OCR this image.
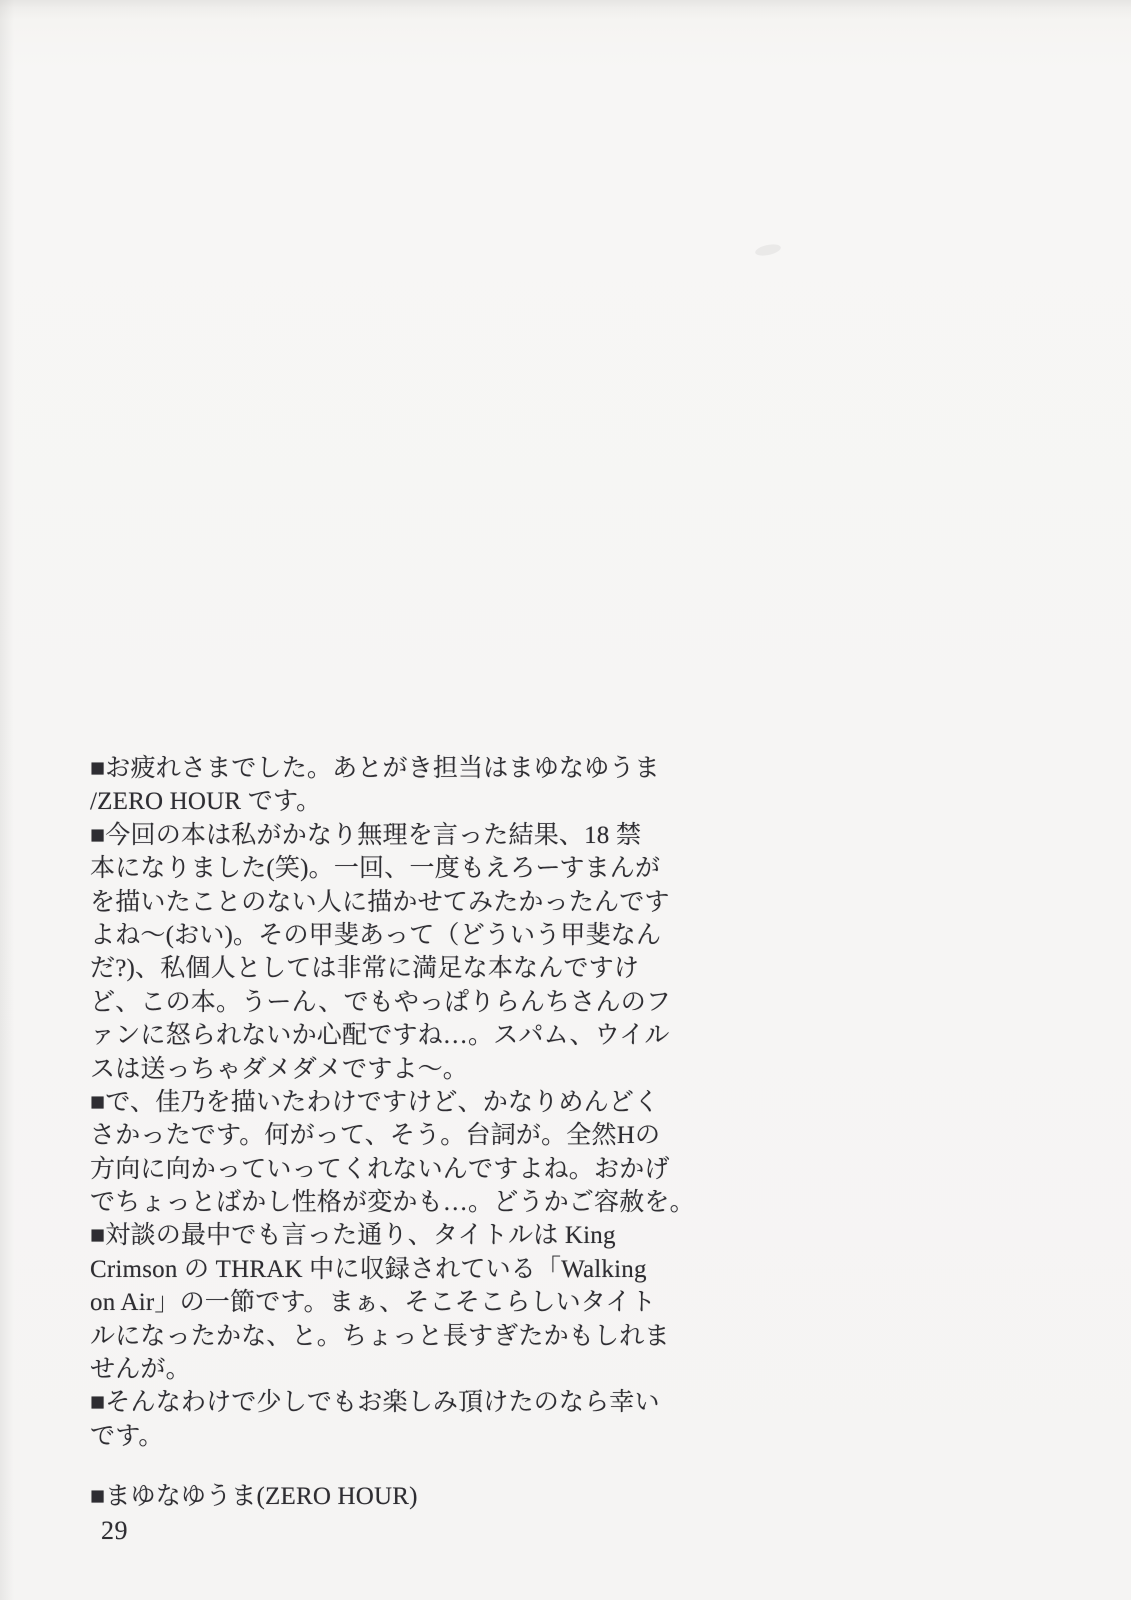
■お疲れさまでした。あとがき担当はまゆなゆうま
/ZERO HOUR です。
■今回の本は私がかなり無理を言った結果、18 禁
本になりました(笑)。一回、一度もえろーすまんが
を描いたことのない人に描かせてみたかったんです
よね〜(おい)。その甲斐あって（どういう甲斐なん
だ?)、私個人としては非常に満足な本なんですけ
ど、この本。うーん、でもやっぱりらんちさんのフ
ァンに怒られないか心配ですね…。スパム、ウイル
スは送っちゃダメダメですよ〜。
■で、佳乃を描いたわけですけど、かなりめんどく
さかったです。何がって、そう。台詞が。全然Hの
方向に向かっていってくれないんですよね。おかげ
でちょっとばかし性格が変かも…。どうかご容赦を。
■対談の最中でも言った通り、タイトルは King
Crimson の THRAK 中に収録されている「Walking
on Air」の一節です。まぁ、そこそこらしいタイト
ルになったかな、と。ちょっと長すぎたかもしれま
せんが。
■そんなわけで少しでもお楽しみ頂けたのなら幸い
です。
■まゆなゆうま(ZERO HOUR)
29
